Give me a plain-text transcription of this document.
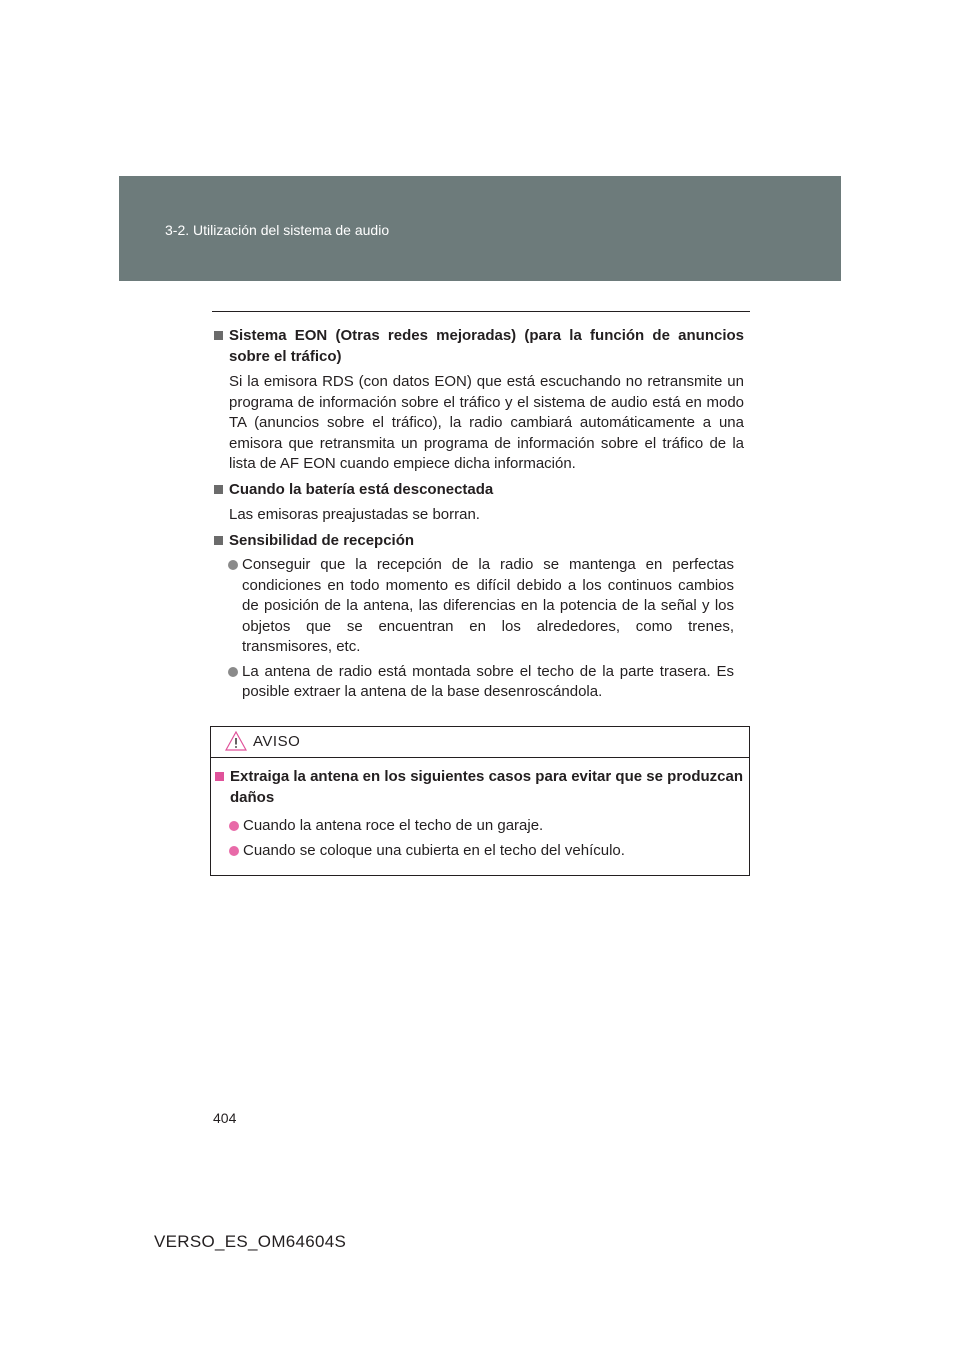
3-2. Utilización del sistema de audio
Sistema EON (Otras redes mejoradas) (para la función de anuncios sobre el tráfico)
Si la emisora RDS (con datos EON) que está escuchando no retransmite un programa de información sobre el tráfico y el sistema de audio está en modo TA (anuncios sobre el tráfico), la radio cambiará automáticamente a una emisora que retransmita un programa de información sobre el tráfico de la lista de AF EON cuando empiece dicha información.
Cuando la batería está desconectada
Las emisoras preajustadas se borran.
Sensibilidad de recepción
Conseguir que la recepción de la radio se mantenga en perfectas condiciones en todo momento es difícil debido a los continuos cambios de posición de la antena, las diferencias en la potencia de la señal y los objetos que se encuentran en los alrededores, como trenes, transmisores, etc.
La antena de radio está montada sobre el techo de la parte trasera. Es posible extraer la antena de la base desenroscándola.
AVISO
Extraiga la antena en los siguientes casos para evitar que se produzcan daños
Cuando la antena roce el techo de un garaje.
Cuando se coloque una cubierta en el techo del vehículo.
404
VERSO_ES_OM64604S
